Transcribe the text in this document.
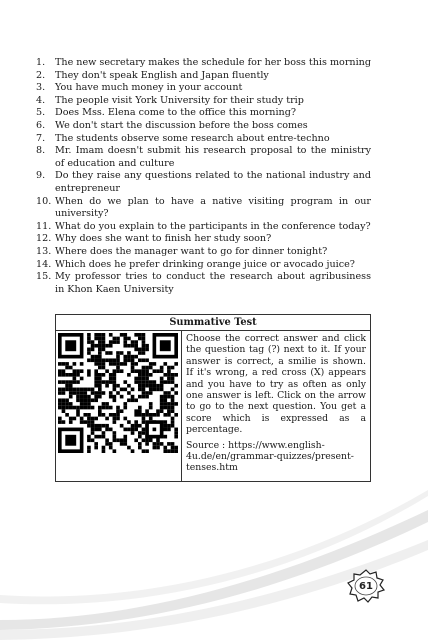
1. The new secretary makes the schedule for her boss this morning
2. They don't speak English and Japan fluently
3. You have much money in your account
4. The people visit York University for their study trip
5. Does Mss. Elena come to the office this morning?
6. We don't start the discussion before the boss comes
7. The students observe some research about entre-techno
8. Mr. Imam doesn't submit his research proposal to the ministry of education and culture
9. Do they raise any questions related to the national industry and entrepreneur
10. When do we plan to have a native visiting program in our university?
11. What do you explain to the participants in the conference today?
12. Why does she want to finish her study soon?
13. Where does the manager want to go for dinner tonight?
14. Which does he prefer drinking orange juice or avocado juice?
15. My professor tries to conduct the research about agribusiness in Khon Kaen University
Summative Test

Choose the correct answer and click the question tag (?) next to it. If your answer is correct, a smilie is shown. If it's wrong, a red cross (X) appears and you have to try as often as only one answer is left. Click on the arrow to go to the next question. You get a score which is expressed as a percentage.

Source : https://www.english-4u.de/en/grammar-quizzes/present-tenses.htm

61
